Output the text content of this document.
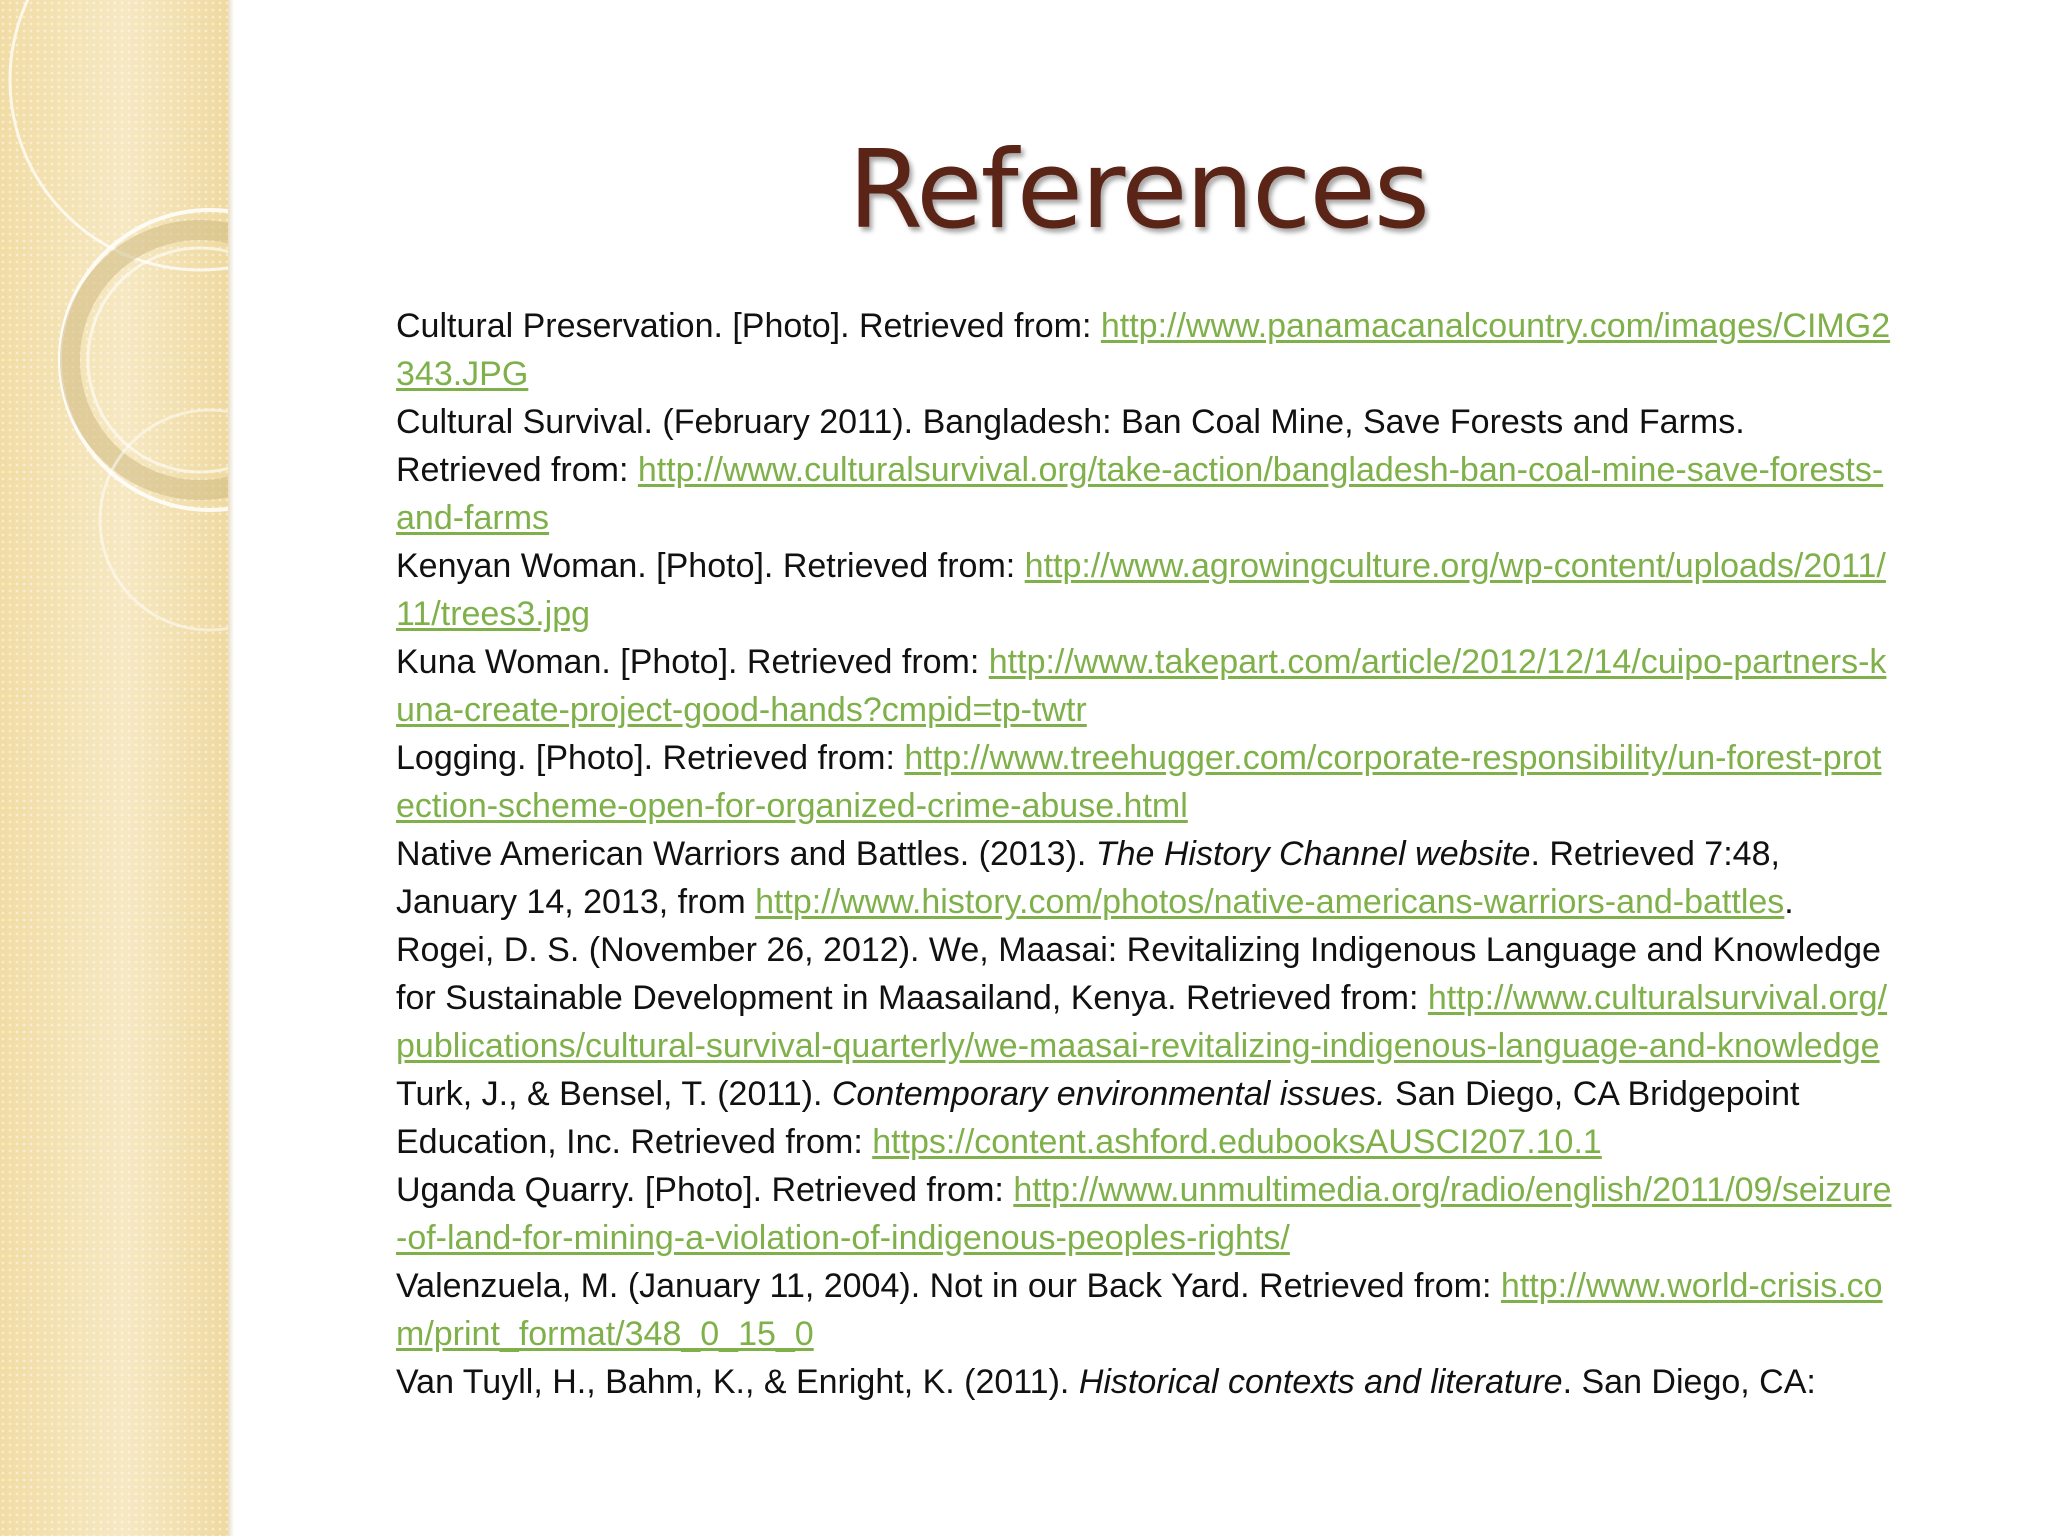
References

Cultural Preservation. [Photo]. Retrieved from: http://www.panamacanalcountry.com/images/CIMG2343.JPG

Cultural Survival. (February 2011). Bangladesh: Ban Coal Mine, Save Forests and Farms. Retrieved from: http://www.culturalsurvival.org/take-action/bangladesh-ban-coal-mine-save-forests-and-farms

Kenyan Woman. [Photo]. Retrieved from: http://www.agrowingculture.org/wp-content/uploads/2011/11/trees3.jpg

Kuna Woman. [Photo]. Retrieved from: http://www.takepart.com/article/2012/12/14/cuipo-partners-kuna-create-project-good-hands?cmpid=tp-twtr

Logging. [Photo]. Retrieved from: http://www.treehugger.com/corporate-responsibility/un-forest-protection-scheme-open-for-organized-crime-abuse.html

Native American Warriors and Battles. (2013). The History Channel website. Retrieved 7:48, January 14, 2013, from http://www.history.com/photos/native-americans-warriors-and-battles.

Rogei, D. S. (November 26, 2012). We, Maasai: Revitalizing Indigenous Language and Knowledge for Sustainable Development in Maasailand, Kenya. Retrieved from: http://www.culturalsurvival.org/publications/cultural-survival-quarterly/we-maasai-revitalizing-indigenous-language-and-knowledge

Turk, J., & Bensel, T. (2011). Contemporary environmental issues. San Diego, CA Bridgepoint Education, Inc. Retrieved from: https://content.ashford.edubooksAUSCI207.10.1

Uganda Quarry. [Photo]. Retrieved from: http://www.unmultimedia.org/radio/english/2011/09/seizure-of-land-for-mining-a-violation-of-indigenous-peoples-rights/

Valenzuela, M. (January 11, 2004). Not in our Back Yard. Retrieved from: http://www.world-crisis.com/print_format/348_0_15_0

Van Tuyll, H., Bahm, K., & Enright, K. (2011). Historical contexts and literature. San Diego, CA:
